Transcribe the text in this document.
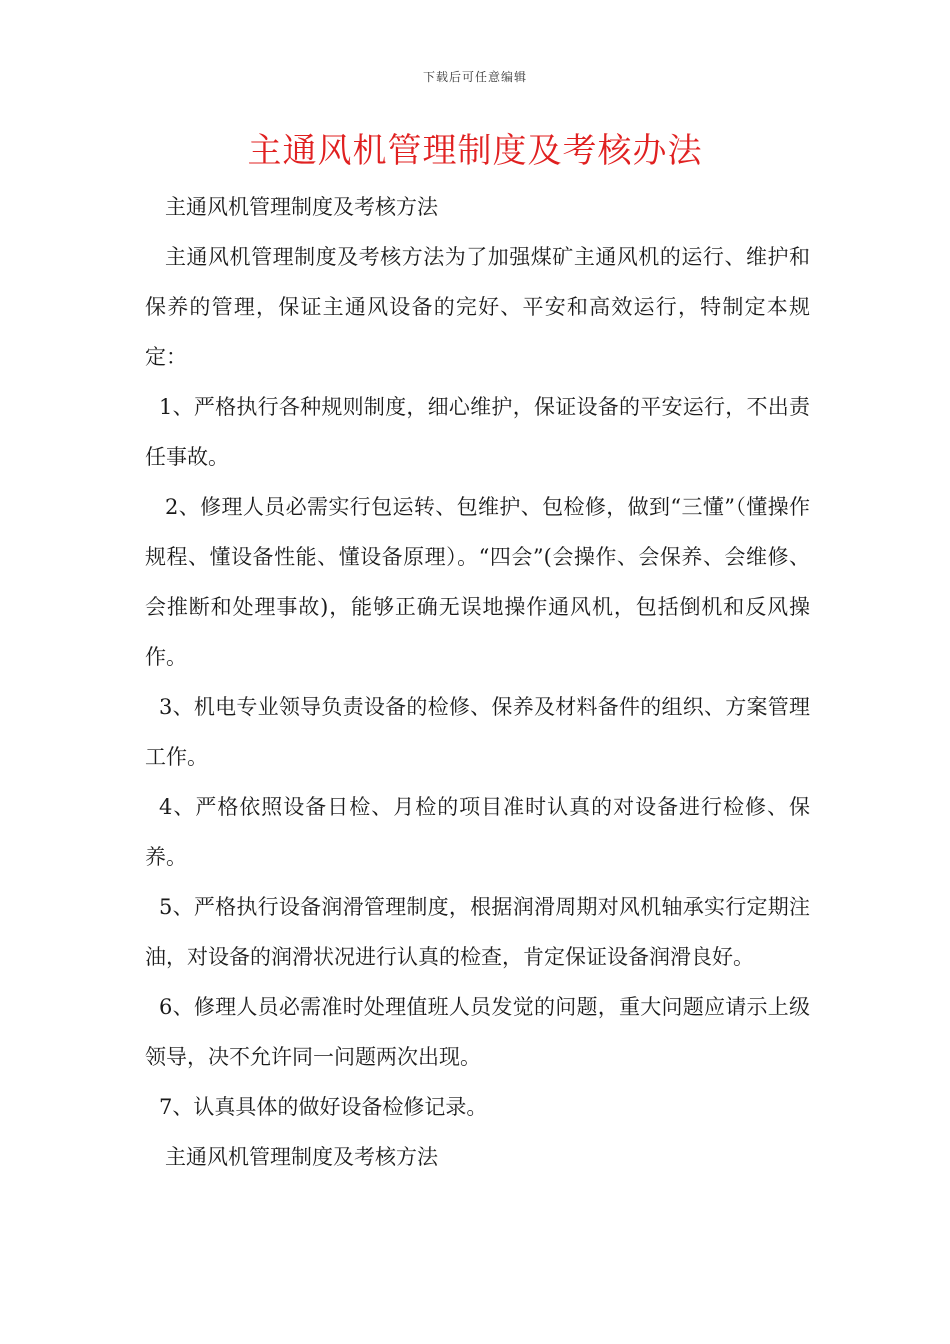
下载后可任意编辑
主通风机管理制度及考核办法

主通风机管理制度及考核方法

主通风机管理制度及考核方法为了加强煤矿主通风机的运行、维护和保养的管理，保证主通风设备的完好、平安和高效运行，特制定本规定：

1、严格执行各种规则制度，细心维护，保证设备的平安运行，不出责任事故。

2、修理人员必需实行包运转、包维护、包检修，做到“三懂”（懂操作规程、懂设备性能、懂设备原理）。“四会”(会操作、会保养、会维修、会推断和处理事故)，能够正确无误地操作通风机，包括倒机和反风操作。

3、机电专业领导负责设备的检修、保养及材料备件的组织、方案管理工作。

4、严格依照设备日检、月检的项目准时认真的对设备进行检修、保养。

5、严格执行设备润滑管理制度，根据润滑周期对风机轴承实行定期注油，对设备的润滑状况进行认真的检查，肯定保证设备润滑良好。

6、修理人员必需准时处理值班人员发觉的问题，重大问题应请示上级领导，决不允许同一问题两次出现。

7、认真具体的做好设备检修记录。

主通风机管理制度及考核方法
